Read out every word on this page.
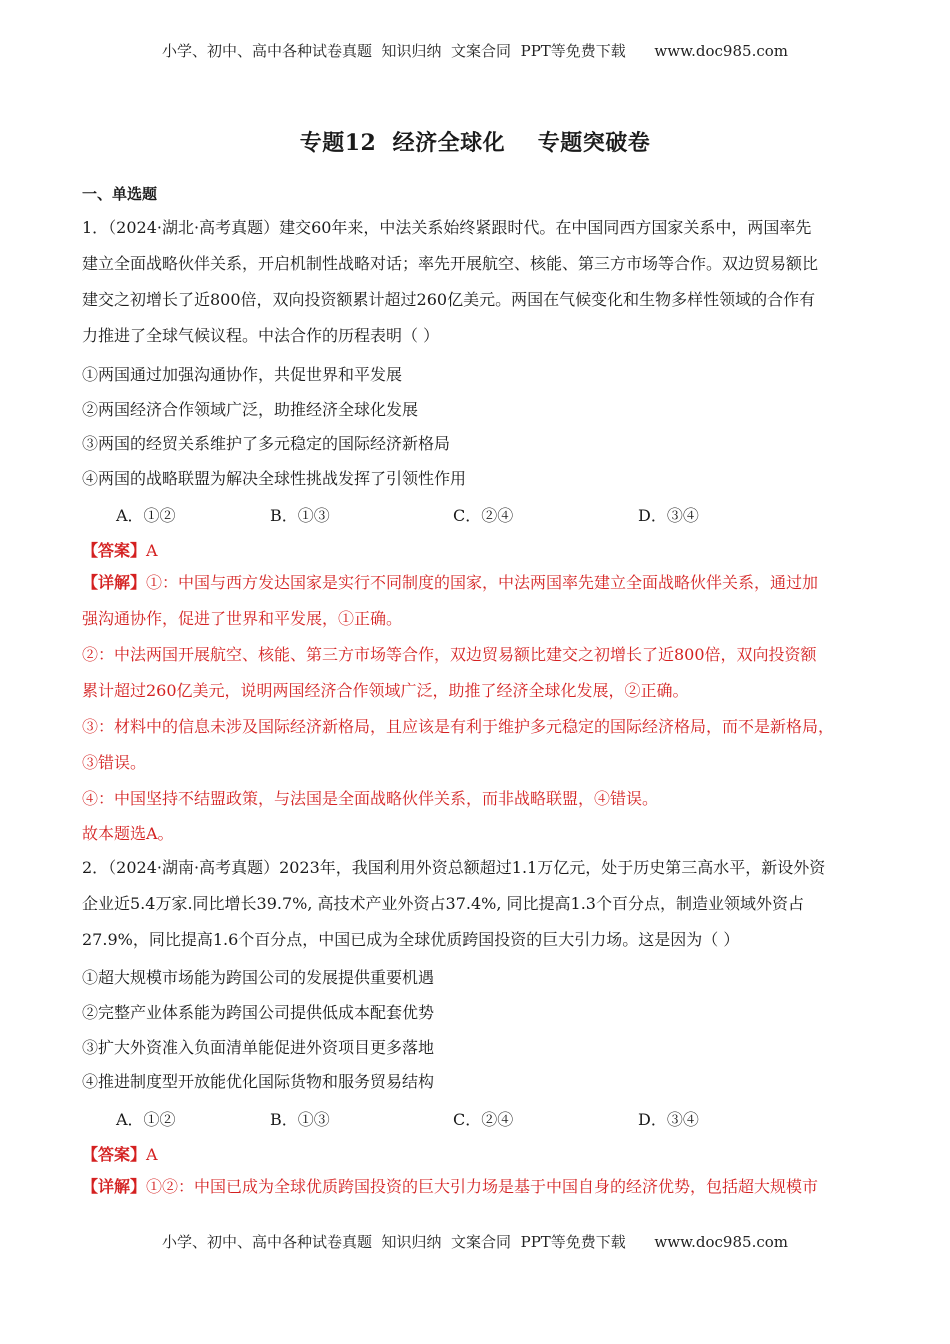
小学、初中、高中各种试卷真题  知识归纳  文案合同  PPT等免费下载      www.doc985.com
专题12  经济全球化    专题突破卷
一、单选题
1．（2024·湖北·高考真题）建交60年来，中法关系始终紧跟时代。在中国同西方国家关系中，两国率先
建立全面战略伙伴关系，开启机制性战略对话；率先开展航空、核能、第三方市场等合作。双边贸易额比
建交之初增长了近800倍，双向投资额累计超过260亿美元。两国在气候变化和生物多样性领域的合作有
力推进了全球气候议程。中法合作的历程表明（ ）
①两国通过加强沟通协作，共促世界和平发展
②两国经济合作领域广泛，助推经济全球化发展
③两国的经贸关系维护了多元稳定的国际经济新格局
④两国的战略联盟为解决全球性挑战发挥了引领性作用
A．①②	B．①③	C．②④	D．③④
【答案】A
【详解】①：中国与西方发达国家是实行不同制度的国家，中法两国率先建立全面战略伙伴关系，通过加
强沟通协作，促进了世界和平发展，①正确。
②：中法两国开展航空、核能、第三方市场等合作，双边贸易额比建交之初增长了近800倍，双向投资额
累计超过260亿美元，说明两国经济合作领域广泛，助推了经济全球化发展，②正确。
③：材料中的信息未涉及国际经济新格局，且应该是有利于维护多元稳定的国际经济格局，而不是新格局，
③错误。
④：中国坚持不结盟政策，与法国是全面战略伙伴关系，而非战略联盟，④错误。
故本题选A。
2．（2024·湖南·高考真题）2023年，我国利用外资总额超过1.1万亿元，处于历史第三高水平，新设外资
企业近5.4万家.同比增长39.7%, 高技术产业外资占37.4%, 同比提高1.3个百分点，制造业领域外资占
27.9%，同比提高1.6个百分点，中国已成为全球优质跨国投资的巨大引力场。这是因为（ ）
①超大规模市场能为跨国公司的发展提供重要机遇
②完整产业体系能为跨国公司提供低成本配套优势
③扩大外资准入负面清单能促进外资项目更多落地
④推进制度型开放能优化国际货物和服务贸易结构
A．①②	B．①③	C．②④	D．③④
【答案】A
【详解】①②：中国已成为全球优质跨国投资的巨大引力场是基于中国自身的经济优势，包括超大规模市
小学、初中、高中各种试卷真题  知识归纳  文案合同  PPT等免费下载      www.doc985.com
